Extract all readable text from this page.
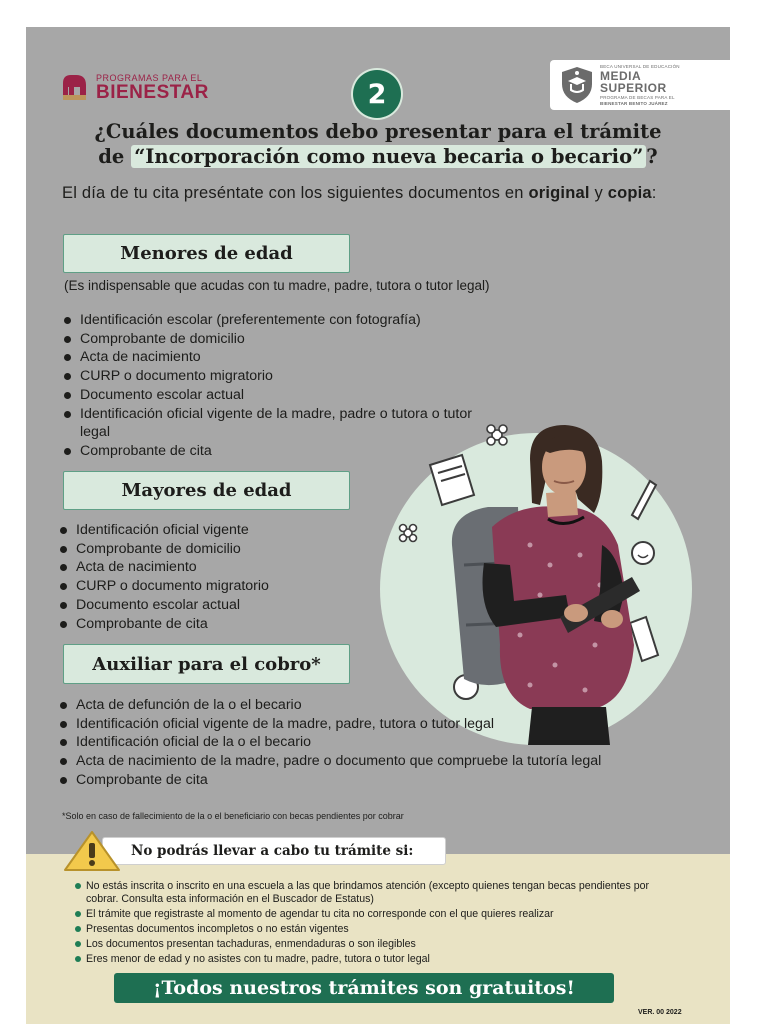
PROGRAMAS PARA EL
BIENESTAR	2
BECA UNIVERSAL DE EDUCACIÓN
MEDIA
SUPERIOR
PROGRAMA DE BECAS PARA EL
BIENESTAR BENITO JUÁREZ
¿Cuáles documentos debo presentar para el trámite
de “Incorporación como nueva becaria o becario” ?
El día de tu cita preséntate con los siguientes documentos en original y copia:
Menores de edad
(Es indispensable que acudas con tu madre, padre, tutora o tutor legal)
Identificación escolar (preferentemente con fotografía)
Comprobante de domicilio
Acta de nacimiento
CURP o documento migratorio
Documento escolar actual
Identificación oficial vigente de la madre, padre o tutora o tutor legal
Comprobante de cita
Mayores de edad
Identificación oficial vigente
Comprobante de domicilio
Acta de nacimiento
CURP o documento migratorio
Documento escolar actual
Comprobante de cita
Auxiliar para el cobro*
Acta de defunción de la o el becario
Identificación oficial vigente de la madre, padre, tutora o tutor legal
Identificación oficial de la o el becario
Acta de nacimiento de la madre, padre o documento que compruebe la tutoría legal
Comprobante de cita
*Solo en caso de fallecimiento de la o el beneficiario con becas pendientes por cobrar
No podrás llevar a cabo tu trámite si:
No estás inscrita o inscrito en una escuela a las que brindamos atención (excepto quienes tengan becas pendientes por cobrar. Consulta esta información en el Buscador de Estatus)
El trámite que registraste al momento de agendar tu cita no corresponde con el que quieres realizar
Presentas documentos incompletos o no están vigentes
Los documentos presentan tachaduras, enmendaduras o son ilegibles
Eres menor de edad y no asistes con tu madre, padre, tutora o tutor legal
¡Todos nuestros trámites son gratuitos!
VER. 00 2022
